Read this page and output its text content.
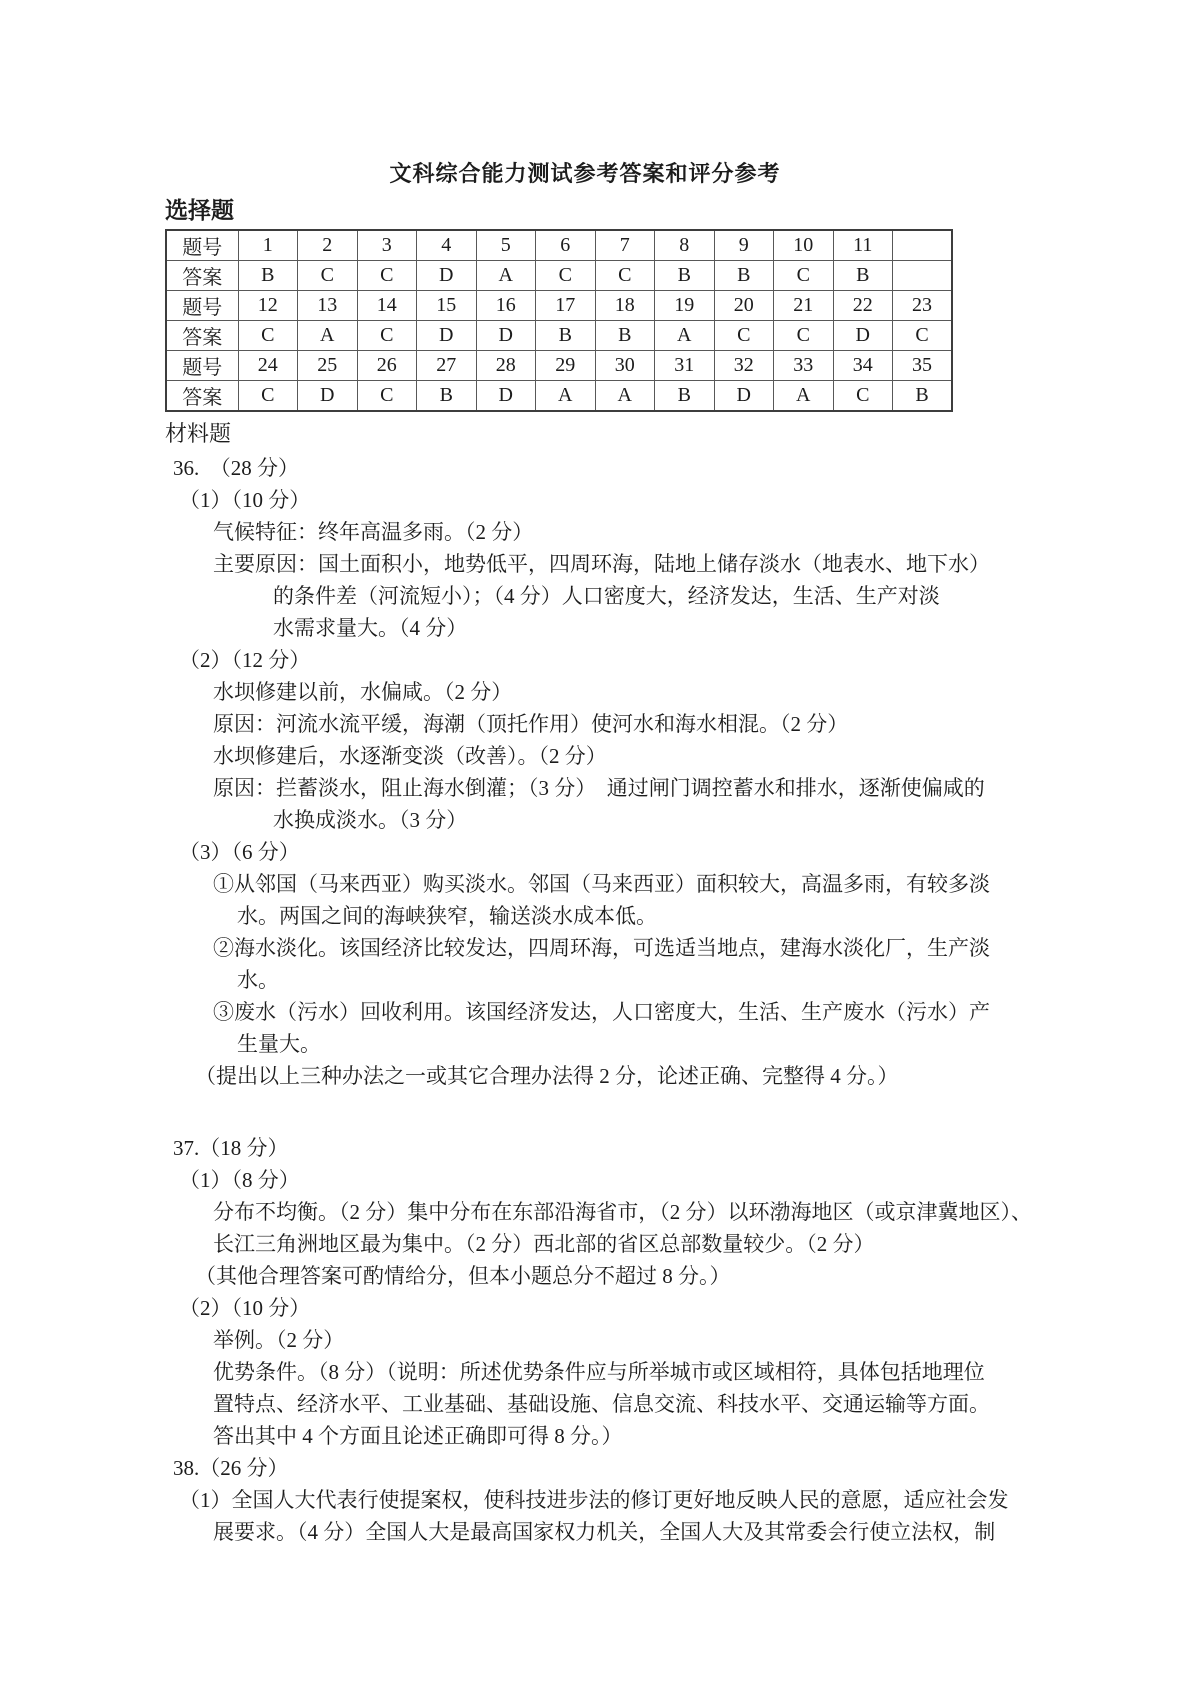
文科综合能力测试参考答案和评分参考
选择题
题号	1	2	3	4	5	6	7	8	9	10	11	
答案	B	C	C	D	A	C	C	B	B	C	B	
题号	12	13	14	15	16	17	18	19	20	21	22	23
答案	C	A	C	D	D	B	B	A	C	C	D	C
题号	24	25	26	27	28	29	30	31	32	33	34	35
答案	C	D	C	B	D	A	A	B	D	A	C	B
材料题
36.  （28 分）
（1）（10 分）
气候特征：终年高温多雨。（2 分）
主要原因：国土面积小，地势低平，四周环海，陆地上储存淡水（地表水、地下水）
的条件差（河流短小）；（4 分）人口密度大，经济发达，生活、生产对淡
水需求量大。（4 分）
（2）（12 分）
水坝修建以前，水偏咸。（2 分）
原因：河流水流平缓，海潮（顶托作用）使河水和海水相混。（2 分）
水坝修建后，水逐渐变淡（改善）。（2 分）
原因：拦蓄淡水，阻止海水倒灌；（3 分）  通过闸门调控蓄水和排水，逐渐使偏咸的
水换成淡水。（3 分）
（3）（6 分）
①从邻国（马来西亚）购买淡水。邻国（马来西亚）面积较大，高温多雨，有较多淡
水。两国之间的海峡狭窄，输送淡水成本低。
②海水淡化。该国经济比较发达，四周环海，可选适当地点，建海水淡化厂，生产淡
水。
③废水（污水）回收利用。该国经济发达，人口密度大，生活、生产废水（污水）产
生量大。
（提出以上三种办法之一或其它合理办法得 2 分，论述正确、完整得 4 分。）
37.（18 分）
（1）（8 分）
分布不均衡。（2 分）集中分布在东部沿海省市，（2 分）以环渤海地区（或京津冀地区）、
长江三角洲地区最为集中。（2 分）西北部的省区总部数量较少。（2 分）
（其他合理答案可酌情给分，但本小题总分不超过 8 分。）
（2）（10 分）
举例。（2 分）
优势条件。（8 分）（说明：所述优势条件应与所举城市或区域相符，具体包括地理位
置特点、经济水平、工业基础、基础设施、信息交流、科技水平、交通运输等方面。
答出其中 4 个方面且论述正确即可得 8 分。）
38.（26 分）
（1）全国人大代表行使提案权，使科技进步法的修订更好地反映人民的意愿，适应社会发
展要求。（4 分）全国人大是最高国家权力机关，全国人大及其常委会行使立法权，制
